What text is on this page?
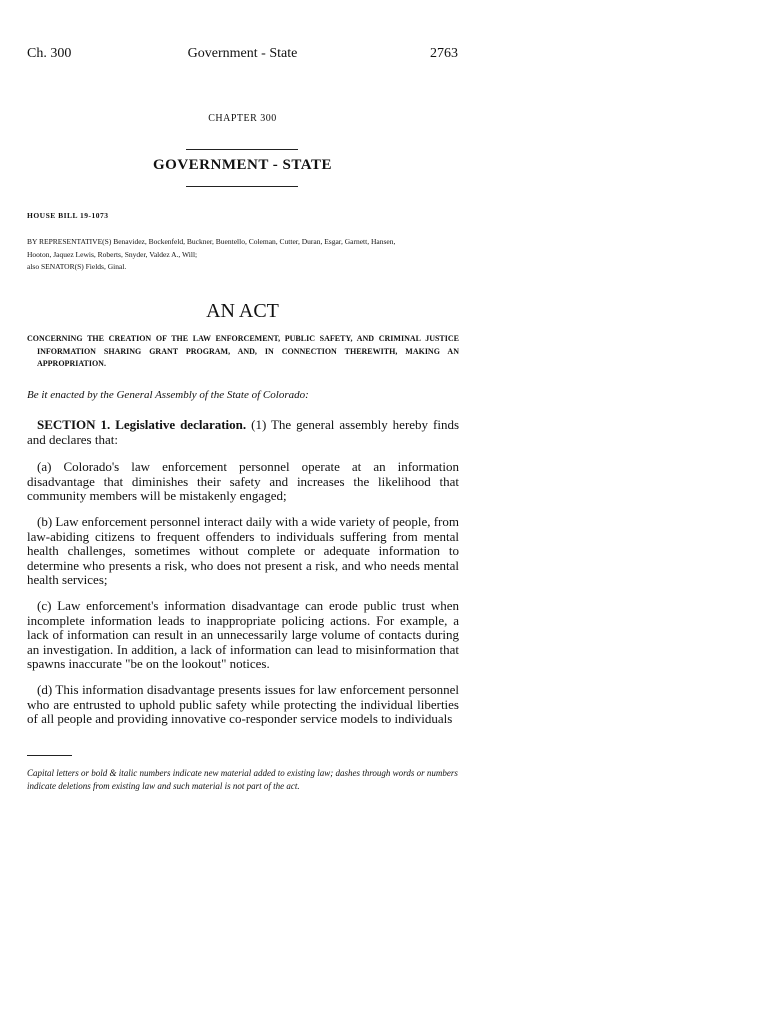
Ch. 300	Government - State	2763
CHAPTER 300
GOVERNMENT - STATE
HOUSE BILL 19-1073
BY REPRESENTATIVE(S) Benavidez, Bockenfeld, Buckner, Buentello, Coleman, Cutter, Duran, Esgar, Garnett, Hansen,
Hooton, Jaquez Lewis, Roberts, Snyder, Valdez A., Will;
also SENATOR(S) Fields, Ginal.
AN ACT
CONCERNING THE CREATION OF THE LAW ENFORCEMENT, PUBLIC SAFETY, AND CRIMINAL JUSTICE INFORMATION SHARING GRANT PROGRAM, AND, IN CONNECTION THEREWITH, MAKING AN APPROPRIATION.
Be it enacted by the General Assembly of the State of Colorado:
SECTION 1. Legislative declaration. (1) The general assembly hereby finds and declares that:
(a) Colorado's law enforcement personnel operate at an information disadvantage that diminishes their safety and increases the likelihood that community members will be mistakenly engaged;
(b) Law enforcement personnel interact daily with a wide variety of people, from law-abiding citizens to frequent offenders to individuals suffering from mental health challenges, sometimes without complete or adequate information to determine who presents a risk, who does not present a risk, and who needs mental health services;
(c) Law enforcement's information disadvantage can erode public trust when incomplete information leads to inappropriate policing actions. For example, a lack of information can result in an unnecessarily large volume of contacts during an investigation. In addition, a lack of information can lead to misinformation that spawns inaccurate "be on the lookout" notices.
(d) This information disadvantage presents issues for law enforcement personnel who are entrusted to uphold public safety while protecting the individual liberties of all people and providing innovative co-responder service models to individuals
Capital letters or bold & italic numbers indicate new material added to existing law; dashes through words or numbers indicate deletions from existing law and such material is not part of the act.
